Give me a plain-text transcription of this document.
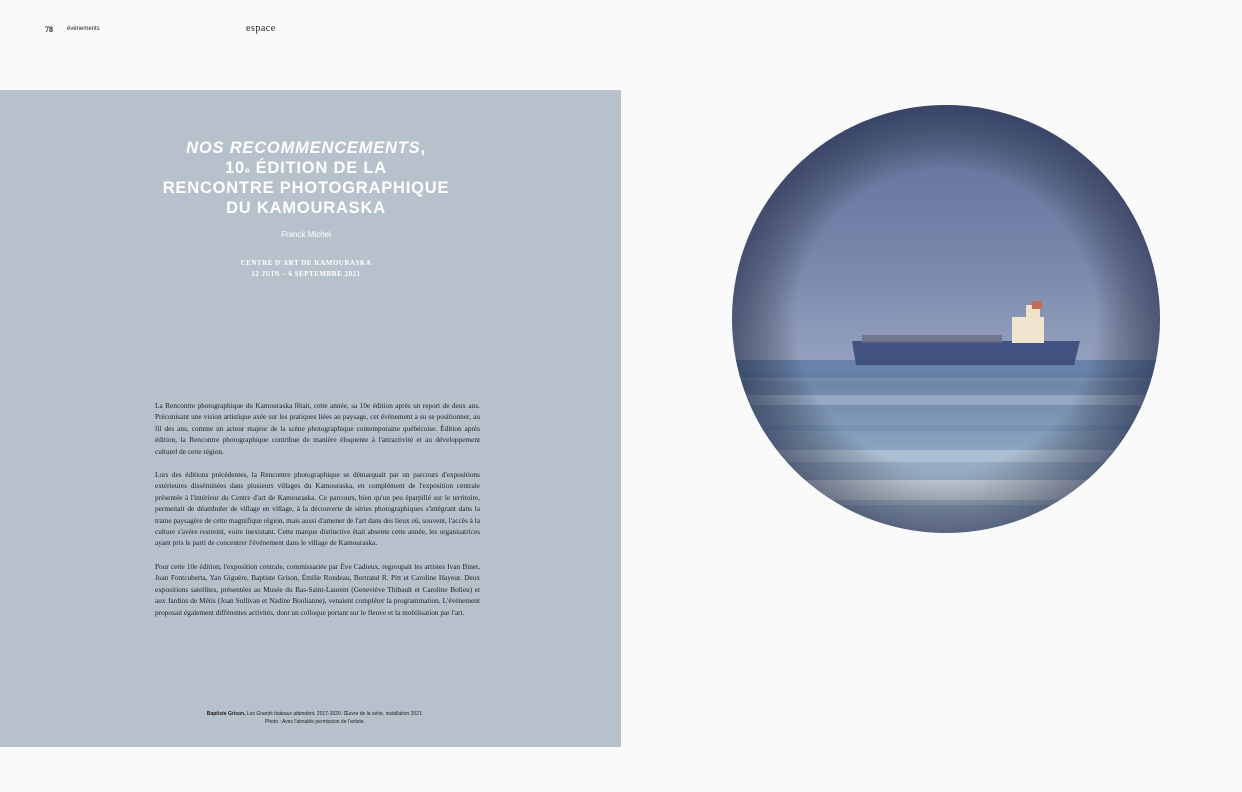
78 événements	espace
NOS RECOMMENCEMENTS,
10e ÉDITION DE LA
RENCONTRE PHOTOGRAPHIQUE
DU KAMOURASKA
Franck Michel
CENTRE D'ART DE KAMOURASKA
12 JUIN – 6 SEPTEMBRE 2021

La Rencontre photographique du Kamouraska fêtait, cette année, sa 10e édition après un report de deux ans. Préconisant une vision artistique axée sur les pratiques liées au paysage, cet événement a su se positionner, au fil des ans, comme un acteur majeur de la scène photographique contemporaine québécoise. Édition après édition, la Rencontre photographique contribue de manière éloquente à l'attractivité et au développement culturel de cette région.

Lors des éditions précédentes, la Rencontre photographique se démarquait par un parcours d'expositions extérieures disséminées dans plusieurs villages du Kamouraska, en complément de l'exposition centrale présentée à l'intérieur du Centre d'art de Kamouraska. Ce parcours, bien qu'un peu éparpillé sur le territoire, permettait de déambuler de village en village, à la découverte de séries photographiques s'intégrant dans la trame paysagère de cette magnifique région, mais aussi d'amener de l'art dans des lieux où, souvent, l'accès à la culture s'avère restreint, voire inexistant. Cette marque distinctive était absente cette année, les organisatrices ayant pris le parti de concentrer l'événement dans le village de Kamouraska.

Pour cette 10e édition, l'exposition centrale, commissariée par Ève Cadieux, regroupait les artistes Ivan Binet, Joan Fontcuberta, Yan Giguère, Baptiste Grison, Émilie Rondeau, Bertrand R. Pitt et Caroline Hayeur. Deux expositions satellites, présentées au Musée du Bas-Saint-Laurent (Geneviève Thibault et Caroline Bolieu) et aux Jardins de Métis (Joan Sullivan et Nadine Boulianne), venaient compléter la programmation. L'événement proposait également différentes activités, dont un colloque portant sur le fleuve et la mobilisation par l'art.

Baptiste Grison, Les Grands bateaux attendent, 2017-2020. Œuvre de la série, installation 2021.
Photo : Avec l'aimable permission de l'artiste.
